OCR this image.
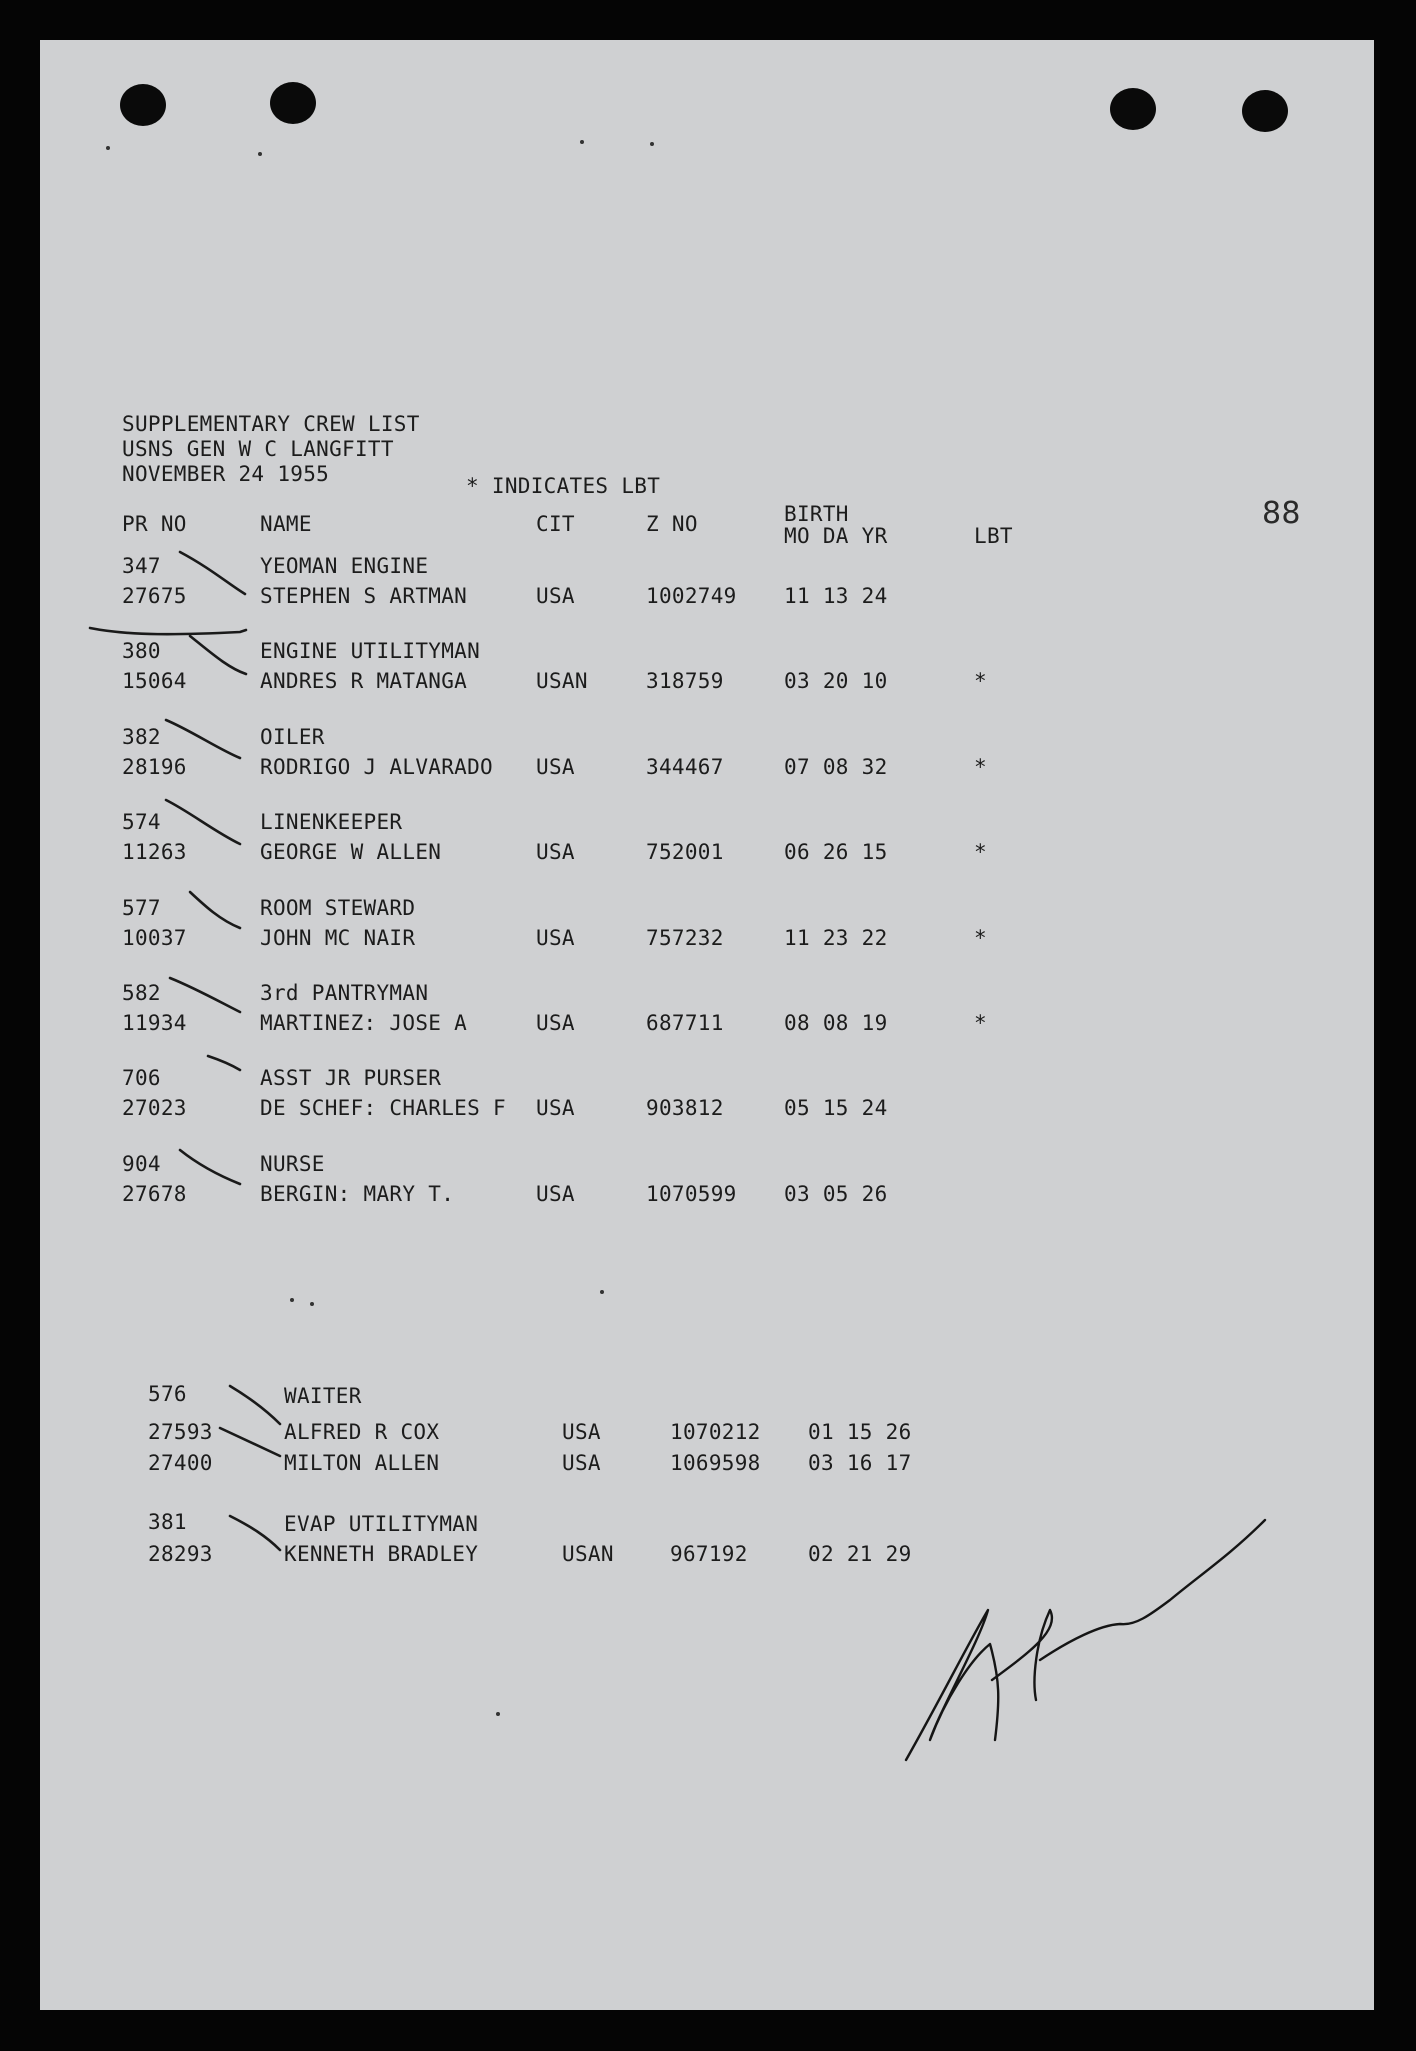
SUPPLEMENTARY CREW LIST
USNS GEN W C LANGFITT
NOVEMBER 24 1955	* INDICATES LBT
88
PR NO	NAME	CIT	Z NO	BIRTH
MO DA YR	LBT
347	YEOMAN ENGINE
27675	STEPHEN S ARTMAN	USA	1002749 11 13 24
380	ENGINE UTILITYMAN
15064	ANDRES R MATANGA	USAN	318759	03 20 10	*
382	OILER
28196	RODRIGO J ALVARADO USA	344467	07 08 32	*
574	LINENKEEPER
11263	GEORGE W ALLEN	USA	752001	06 26 15	*
577	ROOM STEWARD
10037	JOHN MC NAIR	USA	757232	11 23 22	*
582	3rd PANTRYMAN
11934	MARTINEZ: JOSE A	USA	687711	08 08 19	*
706	ASST JR PURSER
27023	DE SCHEF: CHARLES F USA	903812	05 15 24
904	NURSE
27678	BERGIN: MARY T.	USA	1070599 03 05 26
576	WAITER
27593	ALFRED R COX	USA	1070212 01 15 26
27400	MILTON ALLEN	USA	1069598 03 16 17
381	EVAP UTILITYMAN
28293	KENNETH BRADLEY	USAN	967192	02 21 29
